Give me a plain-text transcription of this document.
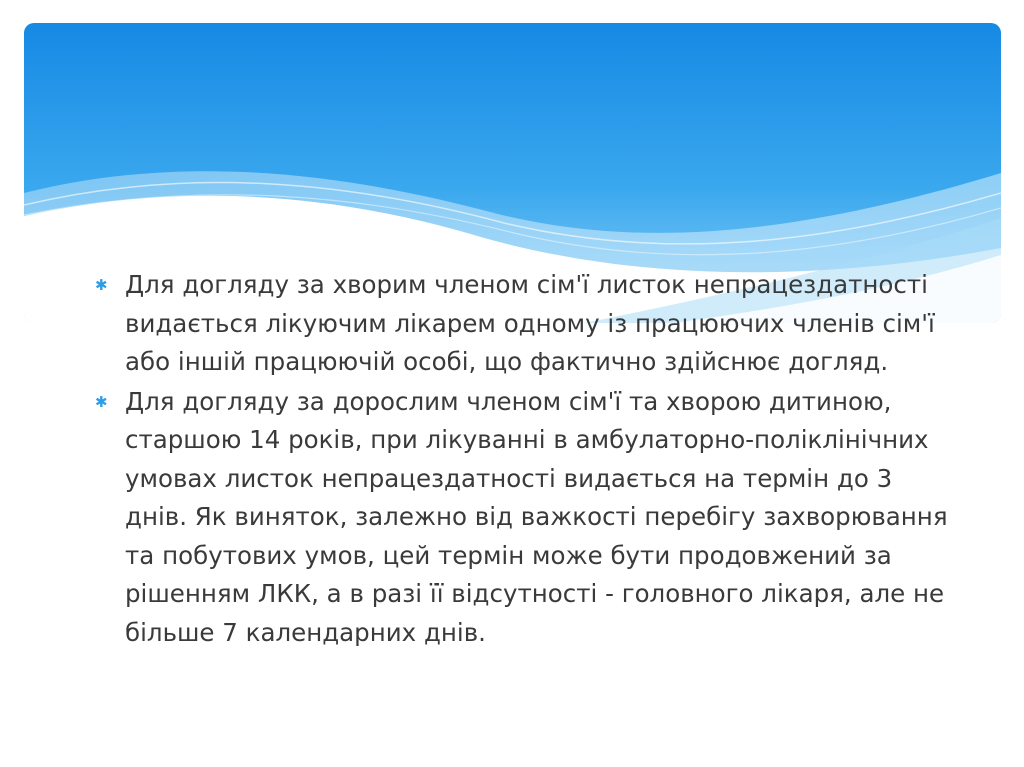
✱ Для догляду за хворим членом сім'ї листок непрацездатності видається лікуючим лікарем одному із працюючих членів сім'ї або іншій працюючій особі, що фактично здійснює догляд.
✱ Для догляду за дорослим членом сім'ї та хворою дитиною, старшою 14 років, при лікуванні в амбулаторно-поліклінічних умовах листок непрацездатності видається на термін до 3 днів. Як виняток, залежно від важкості перебігу захворювання та побутових умов, цей термін може бути продовжений за рішенням ЛКК, а в разі її відсутності - головного лікаря, але не більше 7 календарних днів.
